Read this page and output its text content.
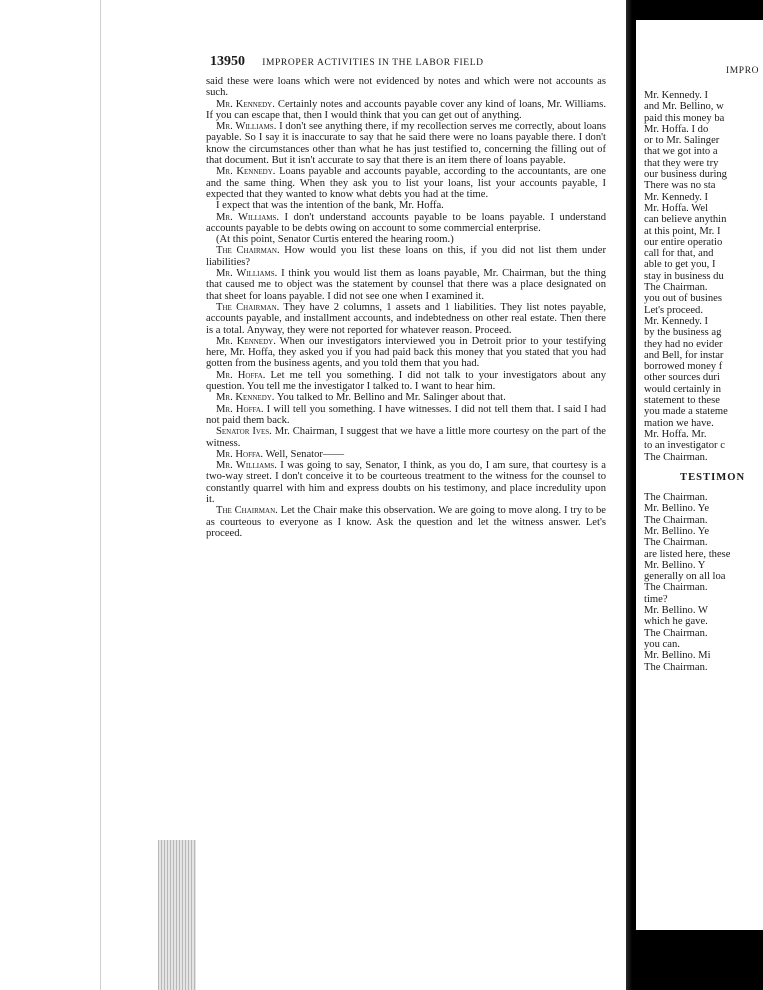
13950 IMPROPER ACTIVITIES IN THE LABOR FIELD

said these were loans which were not evidenced by notes and which were not accounts as such.

Mr. Kennedy. Certainly notes and accounts payable cover any kind of loans, Mr. Williams. If you can escape that, then I would think that you can get out of anything.

Mr. Williams. I don't see anything there, if my recollection serves me correctly, about loans payable. So I say it is inaccurate to say that he said there were no loans payable there. I don't know the circumstances other than what he has just testified to, concerning the filling out of that document. But it isn't accurate to say that there is an item there of loans payable.

Mr. Kennedy. Loans payable and accounts payable, according to the accountants, are one and the same thing. When they ask you to list your loans, list your accounts payable, I expected that they wanted to know what debts you had at the time.

I expect that was the intention of the bank, Mr. Hoffa.

Mr. Williams. I don't understand accounts payable to be loans payable. I understand accounts payable to be debts owing on account to some commercial enterprise.

(At this point, Senator Curtis entered the hearing room.)

The Chairman. How would you list these loans on this, if you did not list them under liabilities?

Mr. Williams. I think you would list them as loans payable, Mr. Chairman, but the thing that caused me to object was the statement by counsel that there was a place designated on that sheet for loans payable. I did not see one when I examined it.

The Chairman. They have 2 columns, 1 assets and 1 liabilities. They list notes payable, accounts payable, and installment accounts, and indebtedness on other real estate. Then there is a total. Anyway, they were not reported for whatever reason. Proceed.

Mr. Kennedy. When our investigators interviewed you in Detroit prior to your testifying here, Mr. Hoffa, they asked you if you had paid back this money that you stated that you had gotten from the business agents, and you told them that you had.

Mr. Hoffa. Let me tell you something. I did not talk to your investigators about any question. You tell me the investigator I talked to. I want to hear him.

Mr. Kennedy. You talked to Mr. Bellino and Mr. Salinger about that.

Mr. Hoffa. I will tell you something. I have witnesses. I did not tell them that. I said I had not paid them back.

Senator Ives. Mr. Chairman, I suggest that we have a little more courtesy on the part of the witness.

Mr. Hoffa. Well, Senator——

Mr. Williams. I was going to say, Senator, I think, as you do, I am sure, that courtesy is a two-way street. I don't conceive it to be courteous treatment to the witness for the counsel to constantly quarrel with him and express doubts on his testimony, and place incredulity upon it.

The Chairman. Let the Chair make this observation. We are going to move along. I try to be as courteous to everyone as I know. Ask the question and let the witness answer. Let's proceed.

IMPRO
Mr. Kennedy. I
and Mr. Bellino, w
paid this money ba
Mr. Hoffa. I do
or to Mr. Salinger
that we got into a
that they were try
our business during
There was no sta
Mr. Kennedy. I
Mr. Hoffa. Wel
can believe anythin
at this point, Mr. I
our entire operatio
call for that, and
able to get you, I
stay in business du
The Chairman.
you out of busines
Let's proceed.
Mr. Kennedy. I
by the business ag
they had no evider
and Bell, for instar
borrowed money f
other sources duri
would certainly in
statement to these
you made a stateme
mation we have.
Mr. Hoffa. Mr.
to an investigator c
The Chairman.
TESTIMON
The Chairman.
Mr. Bellino. Ye
The Chairman.
Mr. Bellino. Ye
The Chairman.
are listed here, these
Mr. Bellino. Y
generally on all loa
The Chairman.
time?
Mr. Bellino. W
which he gave.
The Chairman.
you can.
Mr. Bellino. Mi
The Chairman.
